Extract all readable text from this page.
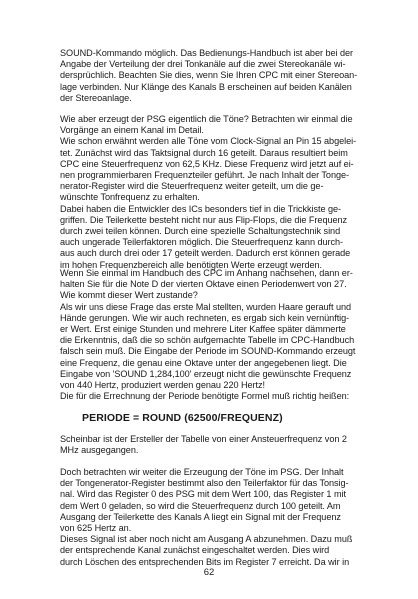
SOUND-Kommando möglich. Das Bedienungs-Handbuch ist aber bei der
Angabe der Verteilung der drei Tonkanäle auf die zwei Stereokanäle wi-
dersprüchlich. Beachten Sie dies, wenn Sie Ihren CPC mit einer Stereoan-
lage verbinden. Nur Klänge des Kanals B erscheinen auf beiden Kanälen
der Stereoanlage.
Wie aber erzeugt der PSG eigentlich die Töne? Betrachten wir einmal die
Vorgänge an einem Kanal im Detail.
Wie schon erwähnt werden alle Töne vom Clock-Signal an Pin 15 abgelei-
tet. Zunächst wird das Taktsignal durch 16 geteilt. Daraus resultiert beim
CPC eine Steuerfrequenz von 62,5 KHz. Diese Frequenz wird jetzt auf ei-
nen programmierbaren Frequenzteiler geführt. Je nach Inhalt der Tonge-
nerator-Register wird die Steuerfrequenz weiter geteilt, um die ge-
wünschte Tonfrequenz zu erhalten.
Dabei haben die Entwickler des ICs besonders tief in die Trickkiste ge-
griffen. Die Teilerkette besteht nicht nur aus Flip-Flops, die die Frequenz
durch zwei teilen können. Durch eine spezielle Schaltungstechnik sind
auch ungerade Teilerfaktoren möglich. Die Steuerfrequenz kann durch-
aus auch durch drei oder 17 geteilt werden. Dadurch erst können gerade
im hohen Frequenzbereich alle benötigten Werte erzeugt werden.
Wenn Sie einmal im Handbuch des CPC im Anhang nachsehen, dann er-
halten Sie für die Note D der vierten Oktave einen Periodenwert von 27.
Wie kommt dieser Wert zustande?
Als wir uns diese Frage das erste Mal stellten, wurden Haare gerauft und
Hände gerungen. Wie wir auch rechneten, es ergab sich kein vernünftig-
er Wert. Erst einige Stunden und mehrere Liter Kaffee später dämmerte
die Erkenntnis, daß die so schön aufgemachte Tabelle im CPC-Handbuch
falsch sein muß. Die Eingabe der Periode im SOUND-Kommando erzeugt
eine Frequenz, die genau eine Oktave unter der angegebenen liegt. Die
Eingabe von 'SOUND 1,284,100' erzeugt nicht die gewünschte Frequenz
von 440 Hertz, produziert werden genau 220 Hertz!
Die für die Errechnung der Periode benötigte Formel muß richtig heißen:
PERIODE = ROUND (62500/FREQUENZ)
Scheinbar ist der Ersteller der Tabelle von einer Ansteuerfrequenz von 2
MHz ausgegangen.
Doch betrachten wir weiter die Erzeugung der Töne im PSG. Der Inhalt
der Tongenerator-Register bestimmt also den Teilerfaktor für das Tonsig-
nal. Wird das Register 0 des PSG mit dem Wert 100, das Register 1 mit
dem Wert 0 geladen, so wird die Steuerfrequenz durch 100 geteilt. Am
Ausgang der Teilerkette des Kanals A liegt ein Signal mit der Frequenz
von 625 Hertz an.
Dieses Signal ist aber noch nicht am Ausgang A abzunehmen. Dazu muß
der entsprechende Kanal zunächst eingeschaltet werden. Dies wird
durch Löschen des entsprechenden Bits im Register 7 erreicht. Da wir in
62
